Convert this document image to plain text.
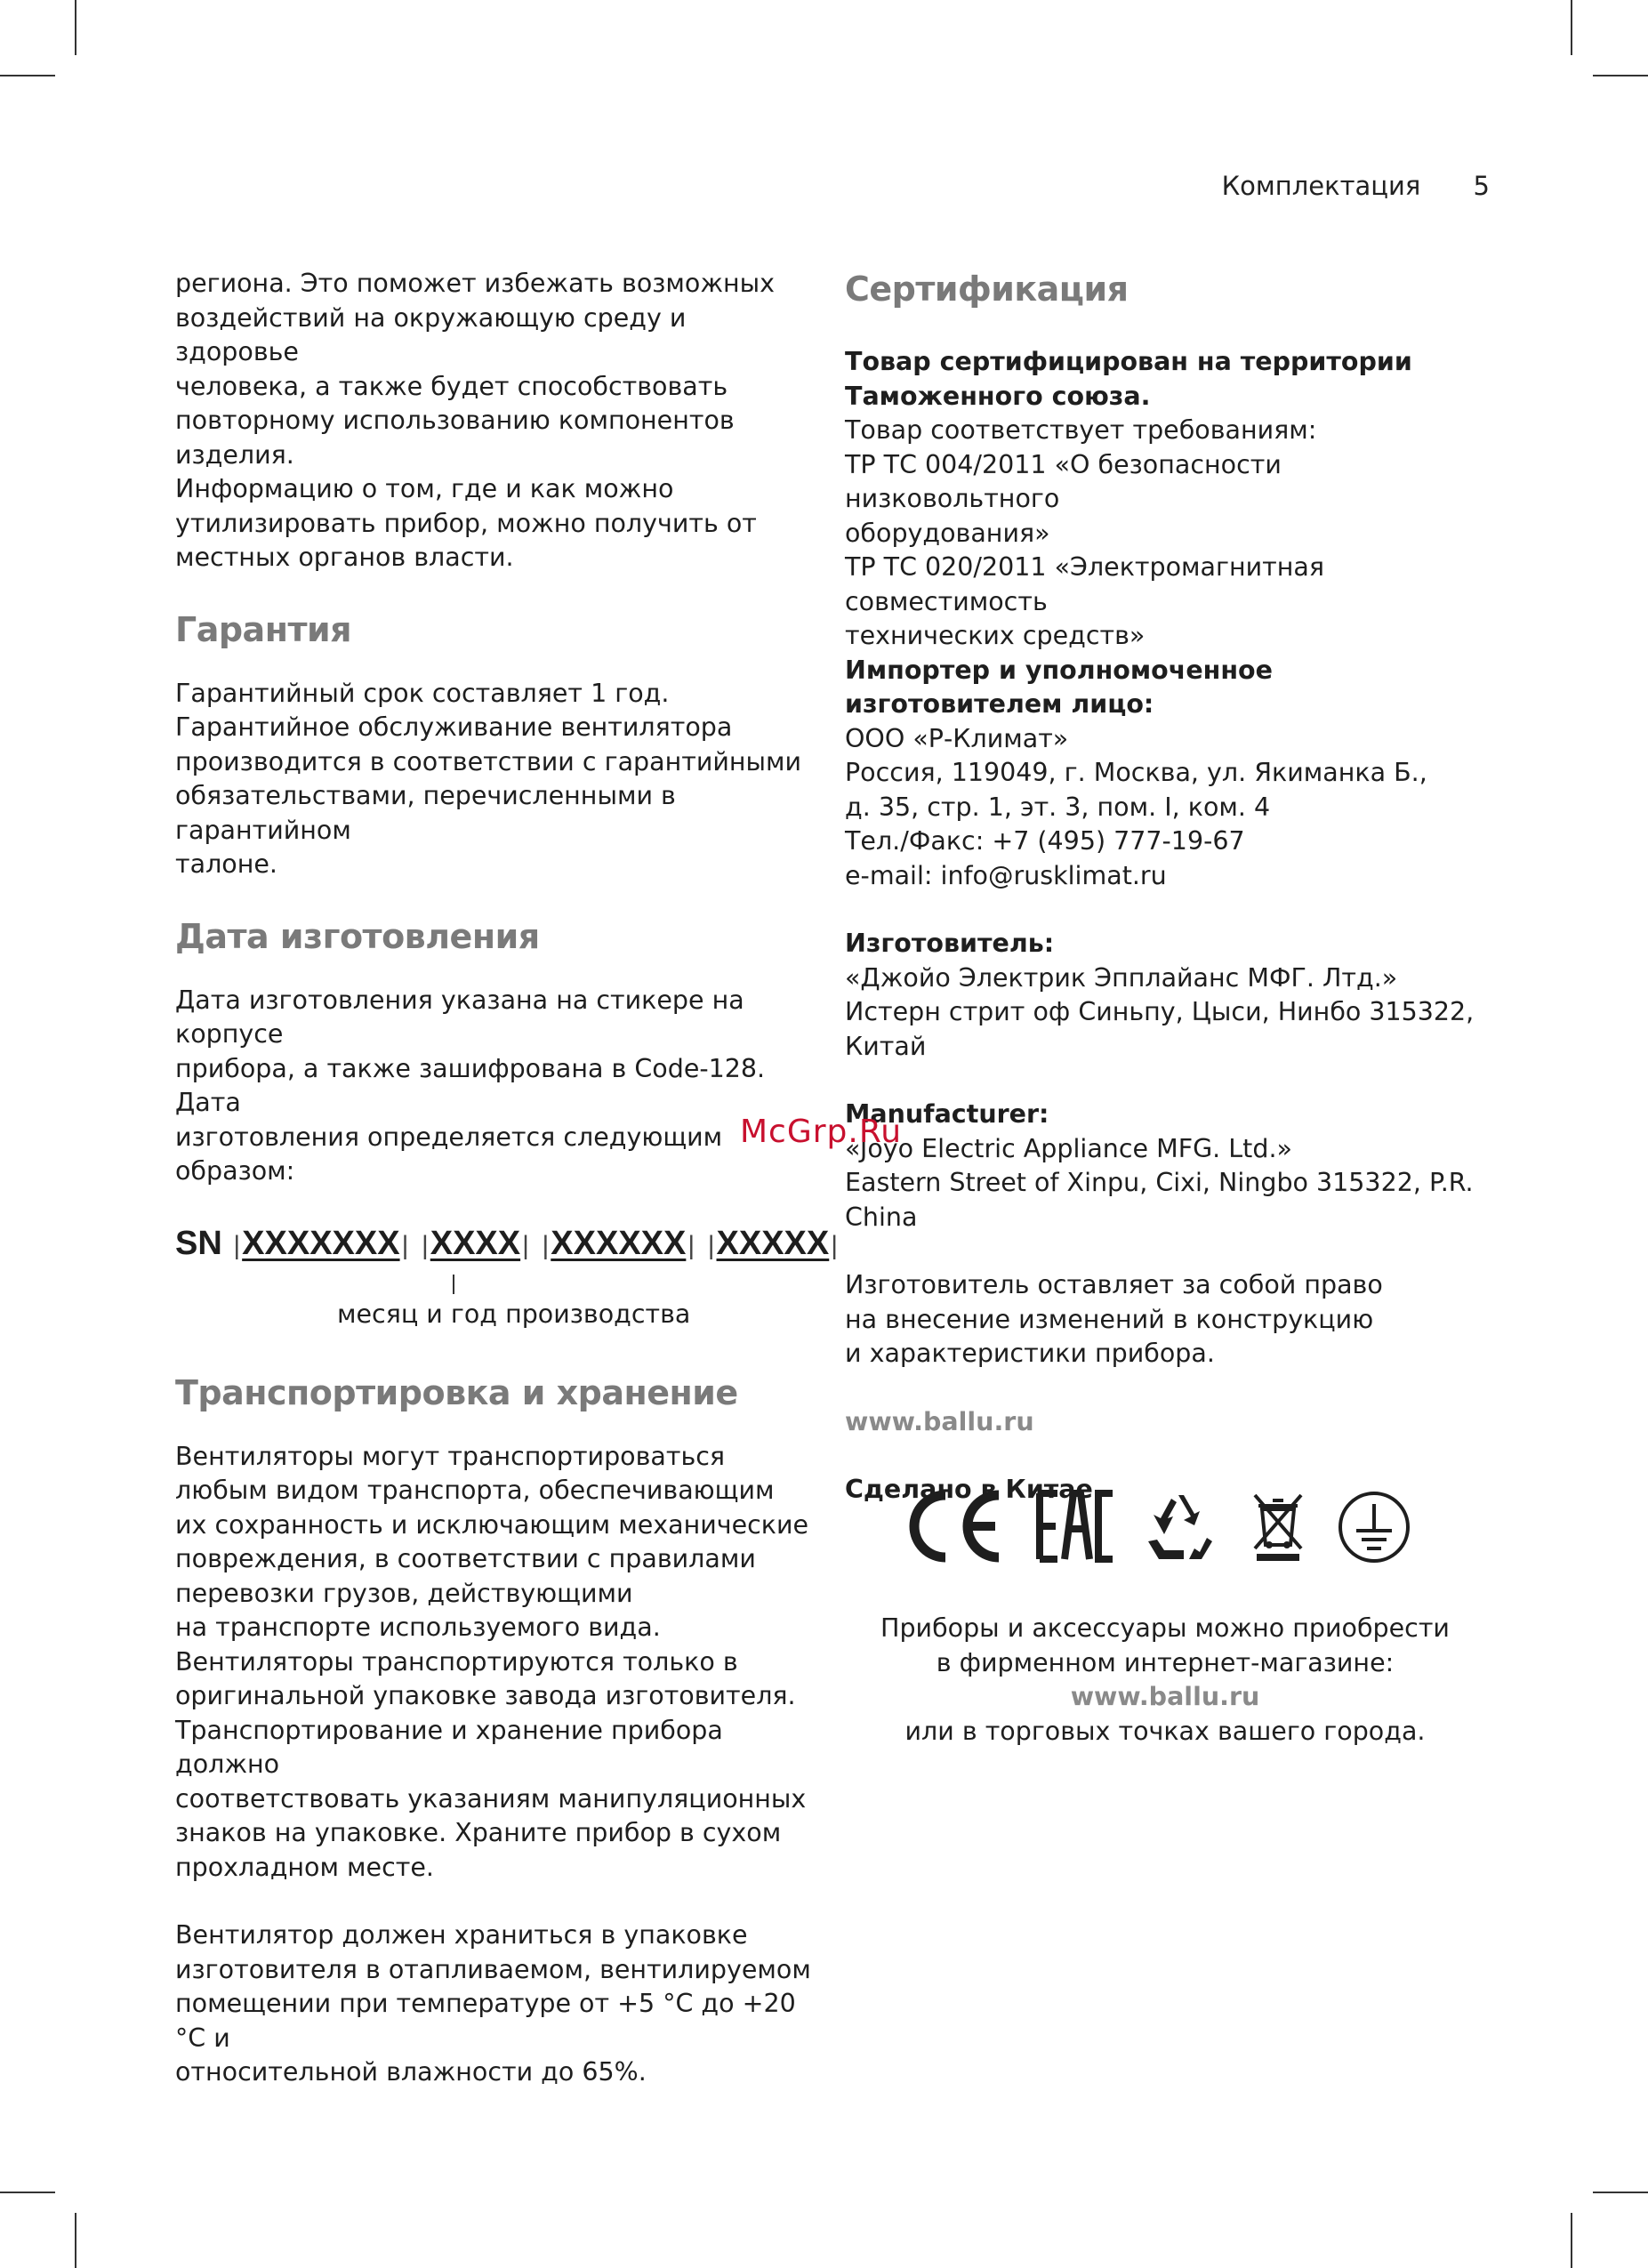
Комплектация 5

региона. Это поможет избежать возможных

воздействий на окружающую среду и здоровье

человека, а также будет способствовать

повторному использованию компонентов

изделия.

Информацию о том, где и как можно

утилизировать прибор, можно получить от

местных органов власти.

Гарантия

Гарантийный срок составляет 1 год.

Гарантийное обслуживание вентилятора

производится в соответствии с гарантийными

обязательствами, перечисленными в гарантийном

талоне.

Дата изготовления

Дата изготовления указана на стикере на корпусе

прибора, а также зашифрована в Code-128. Дата

изготовления определяется следующим образом:

SN |XXXXXXX| |XXXX| |XXXXXX| |XXXXX|
месяц и год производства
Транспортировка и хранение

Вентиляторы могут транспортироваться

любым видом транспорта, обеспечивающим

их сохранность и исключающим механические

повреждения, в соответствии с правилами

перевозки грузов, действующими

на транспорте используемого вида.

Вентиляторы транспортируются только в

оригинальной упаковке завода изготовителя.

Транспортирование и хранение прибора должно

соответствовать указаниям манипуляционных

знаков на упаковке. Храните прибор в сухом

прохладном месте.

Вентилятор должен храниться в упаковке

изготовителя в отапливаемом, вентилируемом

помещении при температуре от +5 °С до +20 °С и

относительной влажности до 65%.

Сертификация

Товар сертифицирован на территории

Таможенного союза.

Товар соответствует требованиям:

ТР ТС 004/2011 «О безопасности низковольтного

оборудования»

ТР ТС 020/2011 «Электромагнитная совместимость

технических средств»

Импортер и уполномоченное

изготовителем лицо:

ООО «Р-Климат»

Россия, 119049, г. Москва, ул. Якиманка Б.,

д. 35, стр. 1, эт. 3, пом. I, ком. 4

Тел./Факс: +7 (495) 777-19-67

e-mail: info@rusklimat.ru

Изготовитель:

«Джойо Электрик Эпплайанс МФГ. Лтд.»

Истерн стрит оф Синьпу, Цыси, Нинбо 315322,

Китай

Manufacturer:

«Joyo Electric Appliance MFG. Ltd.»

Eastern Street of Xinpu, Cixi, Ningbo 315322, P.R.

China

Изготовитель оставляет за собой право

на внесение изменений в конструкцию

и характеристики прибора.

www.ballu.ru

Сделано в Китае

McGrp.Ru

Приборы и аксессуары можно приобрести

в фирменном интернет-магазине:

www.ballu.ru

или в торговых точках вашего города.
